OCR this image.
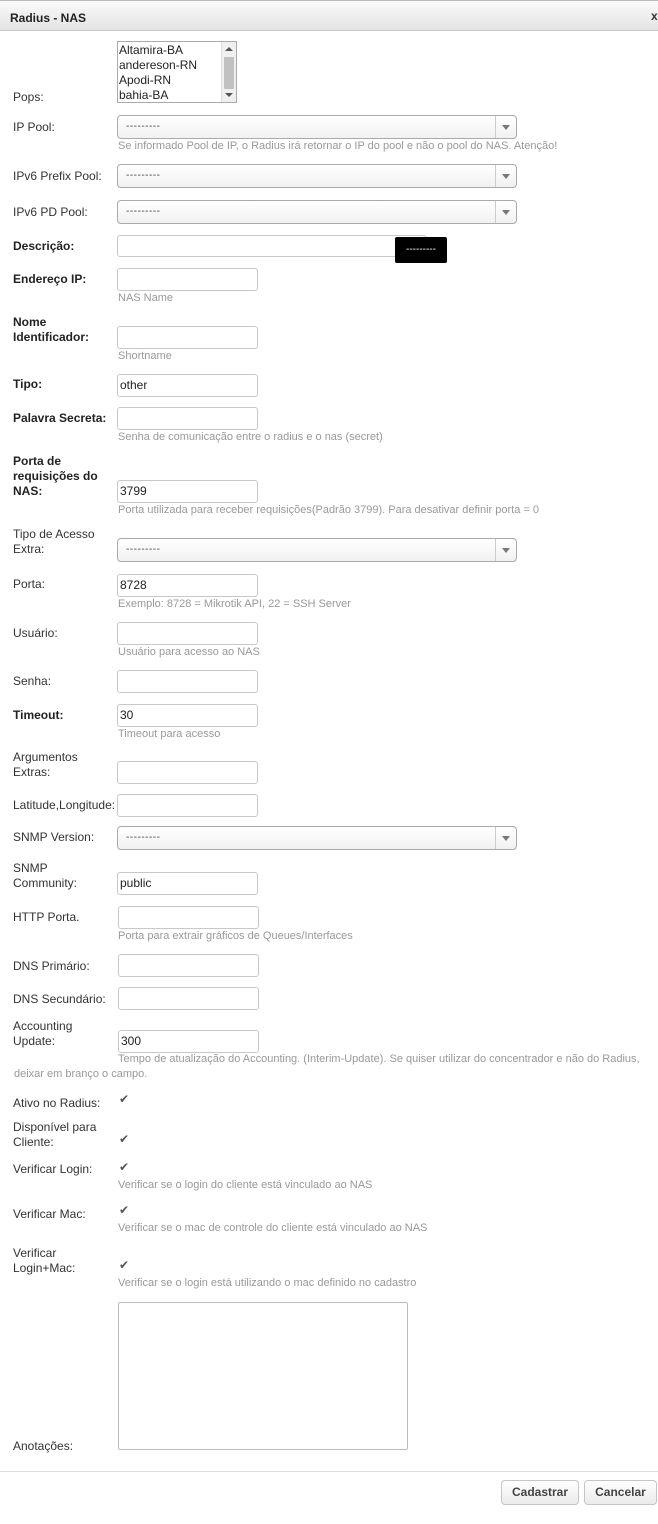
Radius - NAS	x
Altamira-BA
andereson-RN
Apodi-RN
bahia-BA
Pops:
IP Pool:	---------
Se informado Pool de IP, o Radius irá retornar o IP do pool e não o pool do NAS. Atenção!
IPv6 Prefix Pool: ---------
IPv6 PD Pool:	---------
Descrição:	---------
Endereço IP:
NAS Name
Nome
Identificador:
Shortname
Tipo:	other
Palavra Secreta:
Senha de comunicação entre o radius e o nas (secret)
Porta de
requisições do
NAS:	3799
Porta utilizada para receber requisições(Padrão 3799). Para desativar definir porta = 0
Tipo de Acesso
Extra:	---------
Porta:	8728
Exemplo: 8728 = Mikrotik API, 22 = SSH Server
Usuário:
Usuário para acesso ao NAS
Senha:
Timeout:	30
Timeout para acesso
Argumentos
Extras:
Latitude,Longitude:
SNMP Version:	---------
SNMP
Community:	public
HTTP Porta.
Porta para extrair gráficos de Queues/Interfaces
DNS Primário:
DNS Secundário:
Accounting
Update:	300
Tempo de atualização do Accounting. (Interim-Update). Se quiser utilizar do concentrador e não do Radius,
deixar em branço o campo.
Ativo no Radius:
✔
Disponível para
Cliente:
✔
Verificar Login:
✔
Verificar se o login do cliente está vinculado ao NAS
Verificar Mac:
✔
Verificar se o mac de controle do cliente está vinculado ao NAS
Verificar
Login+Mac:
✔
Verificar se o login está utilizando o mac definido no cadastro
Anotações:
Cadastrar	Cancelar
